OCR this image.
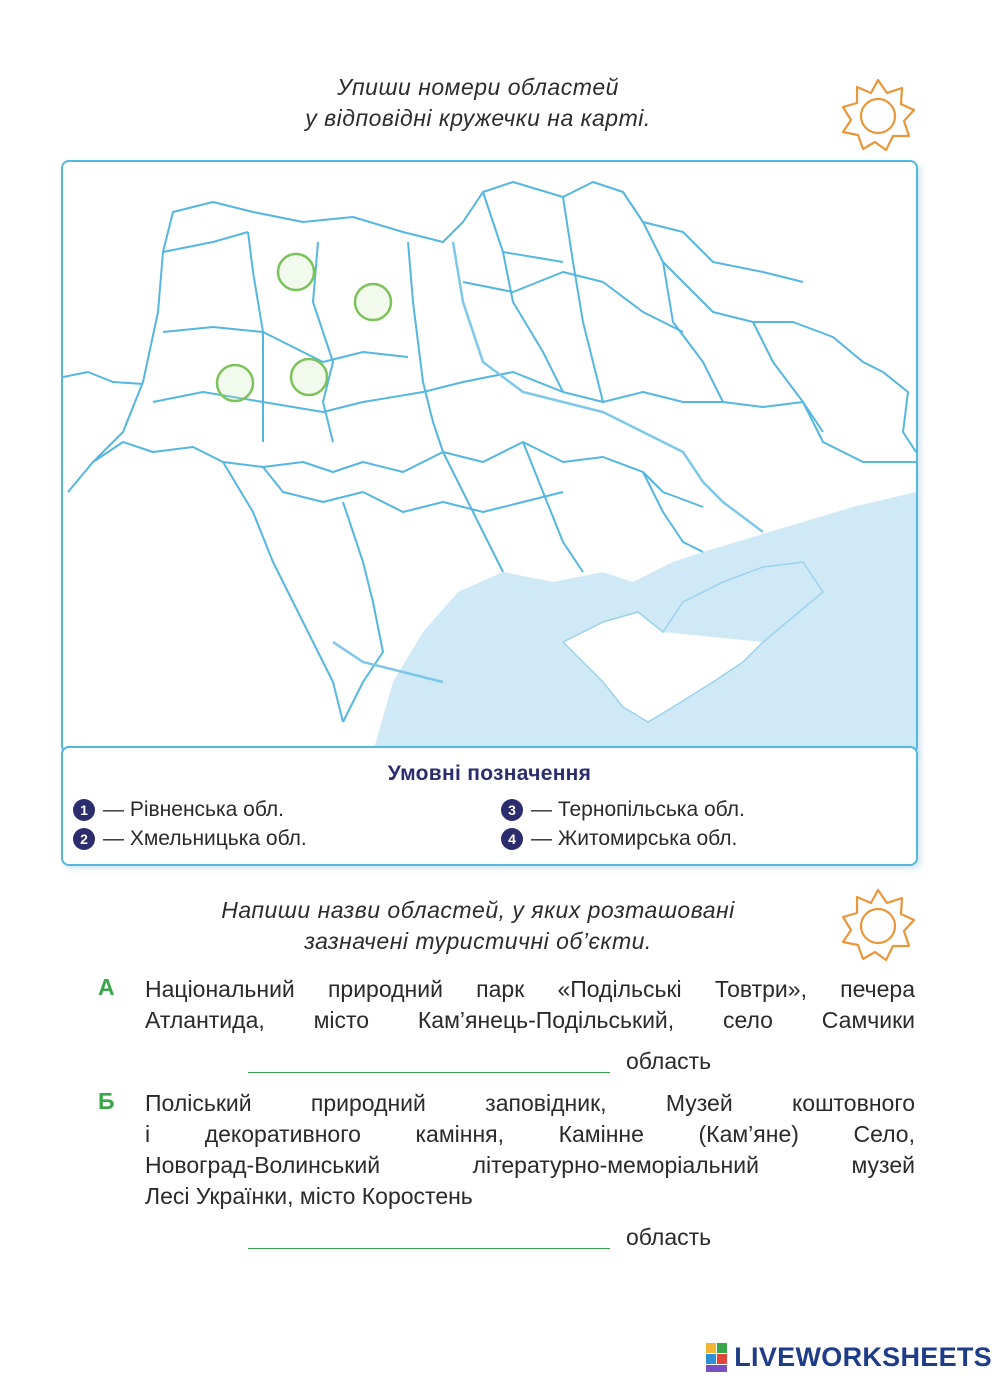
Упиши номери областей
у відповідні кружечки на карті.
Умовні позначення
1 — Рівненська обл.
2 — Хмельницька обл.
3 — Тернопільська обл.
4 — Житомирська обл.
Напиши назви областей, у яких розташовані
зазначені туристичні об’єкти.
А Національний природний парк «Подільські Товтри», печера
Атлантида, місто Кам’янець-Подільський, село Самчики
область
Б Поліський природний заповідник, Музей коштовного
і декоративного каміння, Камінне (Кам’яне) Село,
Новоград-Волинський літературно-меморіальний музей
Лесі Українки, місто Коростень
область
LIVEWORKSHEETS
